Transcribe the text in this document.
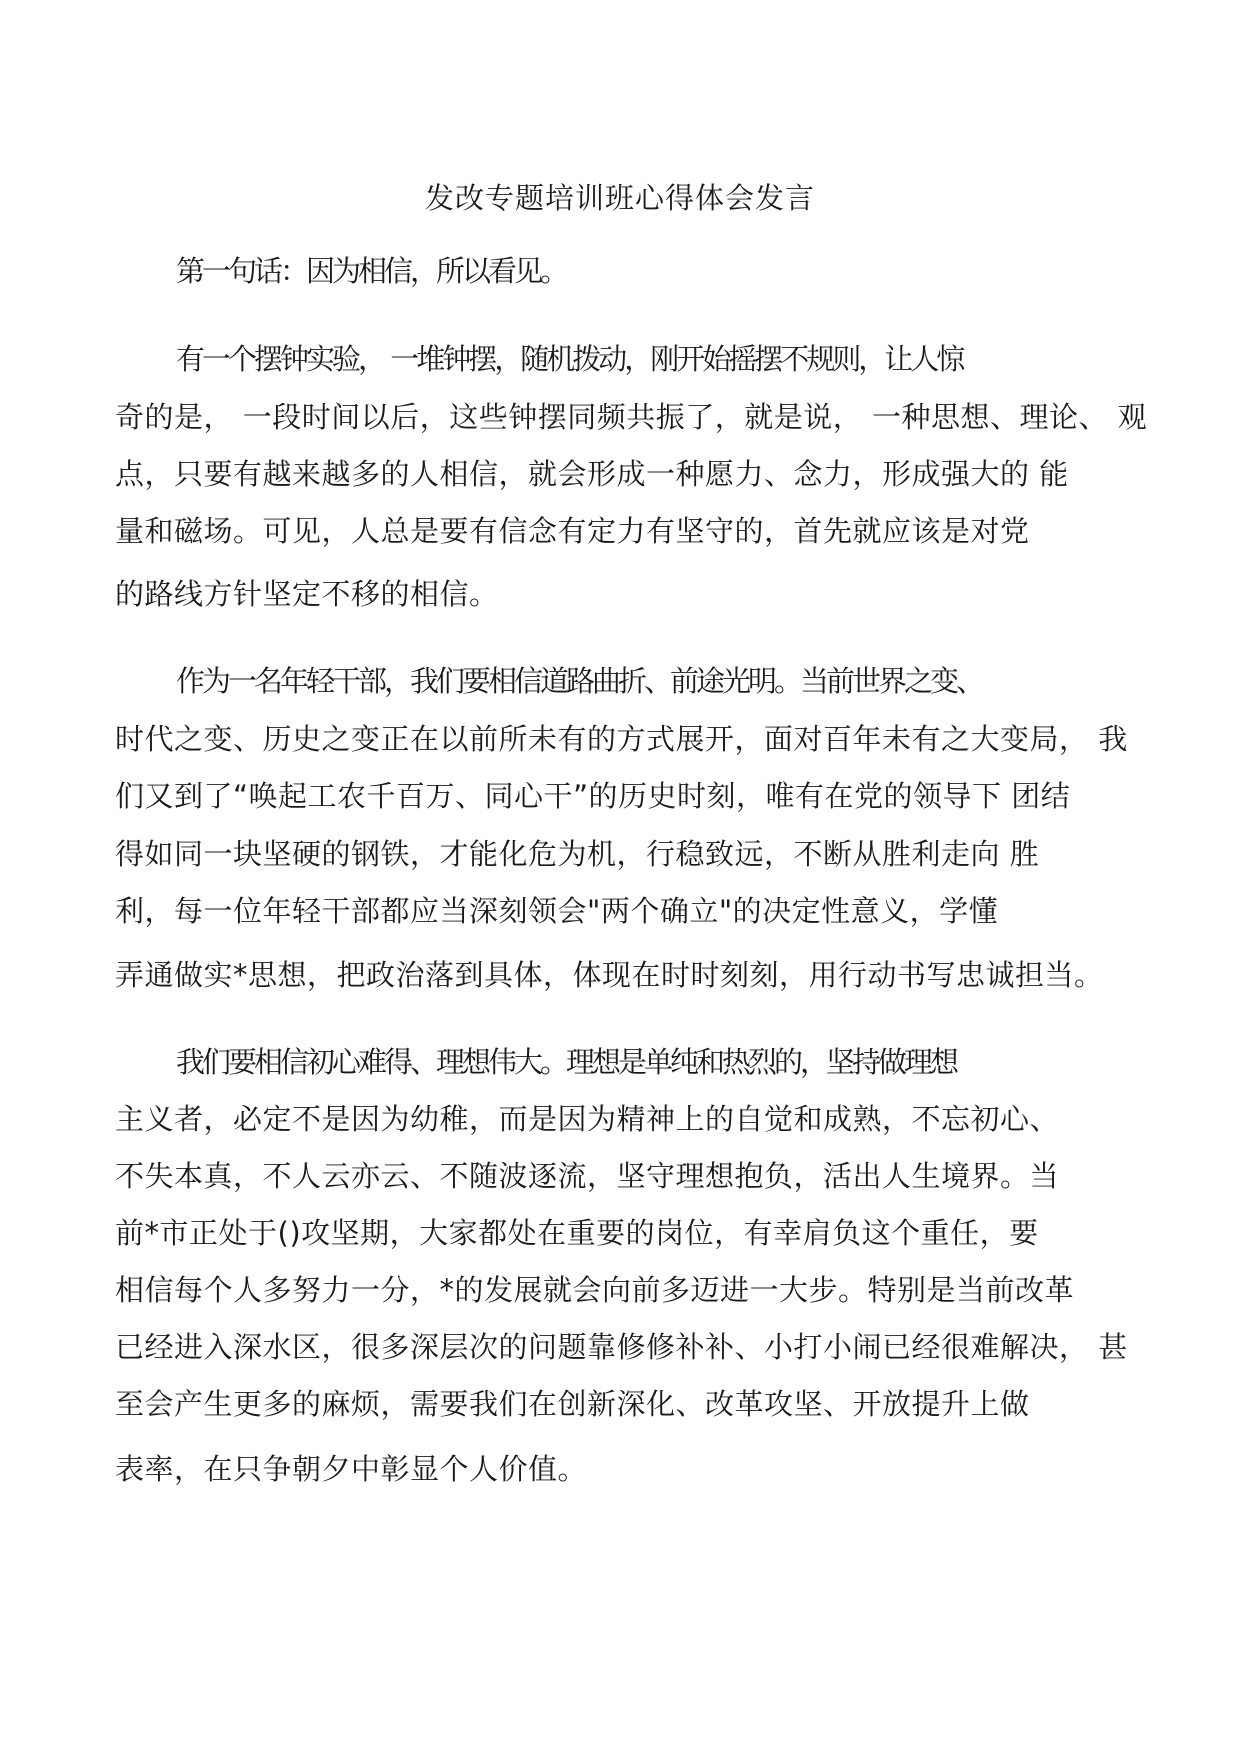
发改专题培训班心得体会发言

第一句话：因为相信，所以看见。

有一个摆钟实验， 一堆钟摆，随机拨动，刚开始摇摆不规则，让人惊

奇的是， 一段时间以后，这些钟摆同频共振了，就是说， 一种思想、理论、 观

点，只要有越来越多的人相信，就会形成一种愿力、念力，形成强大的 能

量和磁场。可见，人总是要有信念有定力有坚守的，首先就应该是对党

的路线方针坚定不移的相信。

作为一名年轻干部，我们要相信道路曲折、前途光明。当前世界之变、

时代之变、历史之变正在以前所未有的方式展开，面对百年未有之大变局， 我

们又到了“唤起工农千百万、同心干”的历史时刻，唯有在党的领导下 团结

得如同一块坚硬的钢铁，才能化危为机，行稳致远，不断从胜利走向 胜

利，每一位年轻干部都应当深刻领会"两个确立"的决定性意义，学懂

弄通做实*思想，把政治落到具体，体现在时时刻刻，用行动书写忠诚担当。

我们要相信初心难得、理想伟大。理想是单纯和热烈的，坚持做理想

主义者，必定不是因为幼稚，而是因为精神上的自觉和成熟，不忘初心、

不失本真，不人云亦云、不随波逐流，坚守理想抱负，活出人生境界。当

前*市正处于()攻坚期，大家都处在重要的岗位，有幸肩负这个重任，要

相信每个人多努力一分，*的发展就会向前多迈进一大步。特别是当前改革

已经进入深水区，很多深层次的问题靠修修补补、小打小闹已经很难解决， 甚

至会产生更多的麻烦，需要我们在创新深化、改革攻坚、开放提升上做

表率，在只争朝夕中彰显个人价值。
